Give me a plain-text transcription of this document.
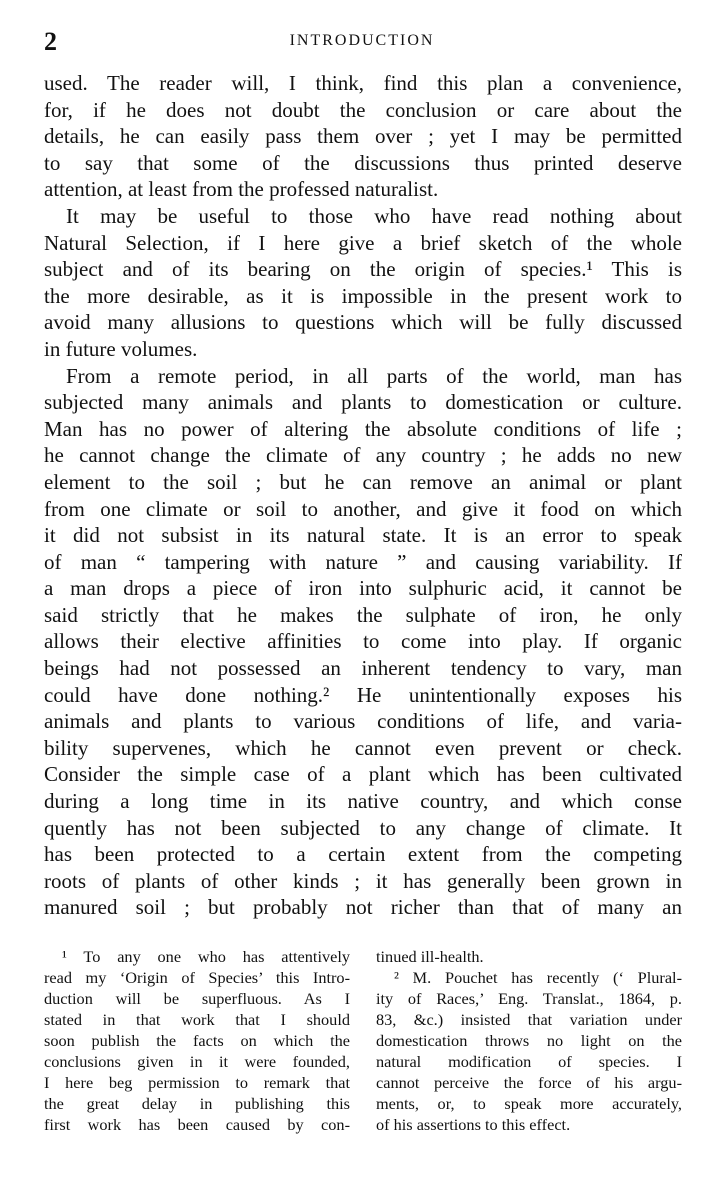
2	INTRODUCTION
used. The reader will, I think, find this plan a convenience,
for, if he does not doubt the conclusion or care about the
details, he can easily pass them over ; yet I may be permitted
to say that some of the discussions thus printed deserve
attention, at least from the professed naturalist.
It may be useful to those who have read nothing about
Natural Selection, if I here give a brief sketch of the whole
subject and of its bearing on the origin of species.¹ This is
the more desirable, as it is impossible in the present work to
avoid many allusions to questions which will be fully discussed
in future volumes.
From a remote period, in all parts of the world, man has
subjected many animals and plants to domestication or culture.
Man has no power of altering the absolute conditions of life ;
he cannot change the climate of any country ; he adds no new
element to the soil ; but he can remove an animal or plant
from one climate or soil to another, and give it food on which
it did not subsist in its natural state. It is an error to speak
of man “ tampering with nature ” and causing variability. If
a man drops a piece of iron into sulphuric acid, it cannot be
said strictly that he makes the sulphate of iron, he only
allows their elective affinities to come into play. If organic
beings had not possessed an inherent tendency to vary, man
could have done nothing.² He unintentionally exposes his
animals and plants to various conditions of life, and varia-
bility supervenes, which he cannot even prevent or check.
Consider the simple case of a plant which has been cultivated
during a long time in its native country, and which conse
quently has not been subjected to any change of climate. It
has been protected to a certain extent from the competing
roots of plants of other kinds ; it has generally been grown in
manured soil ; but probably not richer than that of many an
¹ To any one who has attentively
read my ‘Origin of Species’ this Intro-
duction will be superfluous. As I
stated in that work that I should
soon publish the facts on which the
conclusions given in it were founded,
I here beg permission to remark that
the great delay in publishing this
first work has been caused by con-
tinued ill-health.
² M. Pouchet has recently (‘ Plural-
ity of Races,’ Eng. Translat., 1864, p.
83, &c.) insisted that variation under
domestication throws no light on the
natural modification of species. I
cannot perceive the force of his argu-
ments, or, to speak more accurately,
of his assertions to this effect.
